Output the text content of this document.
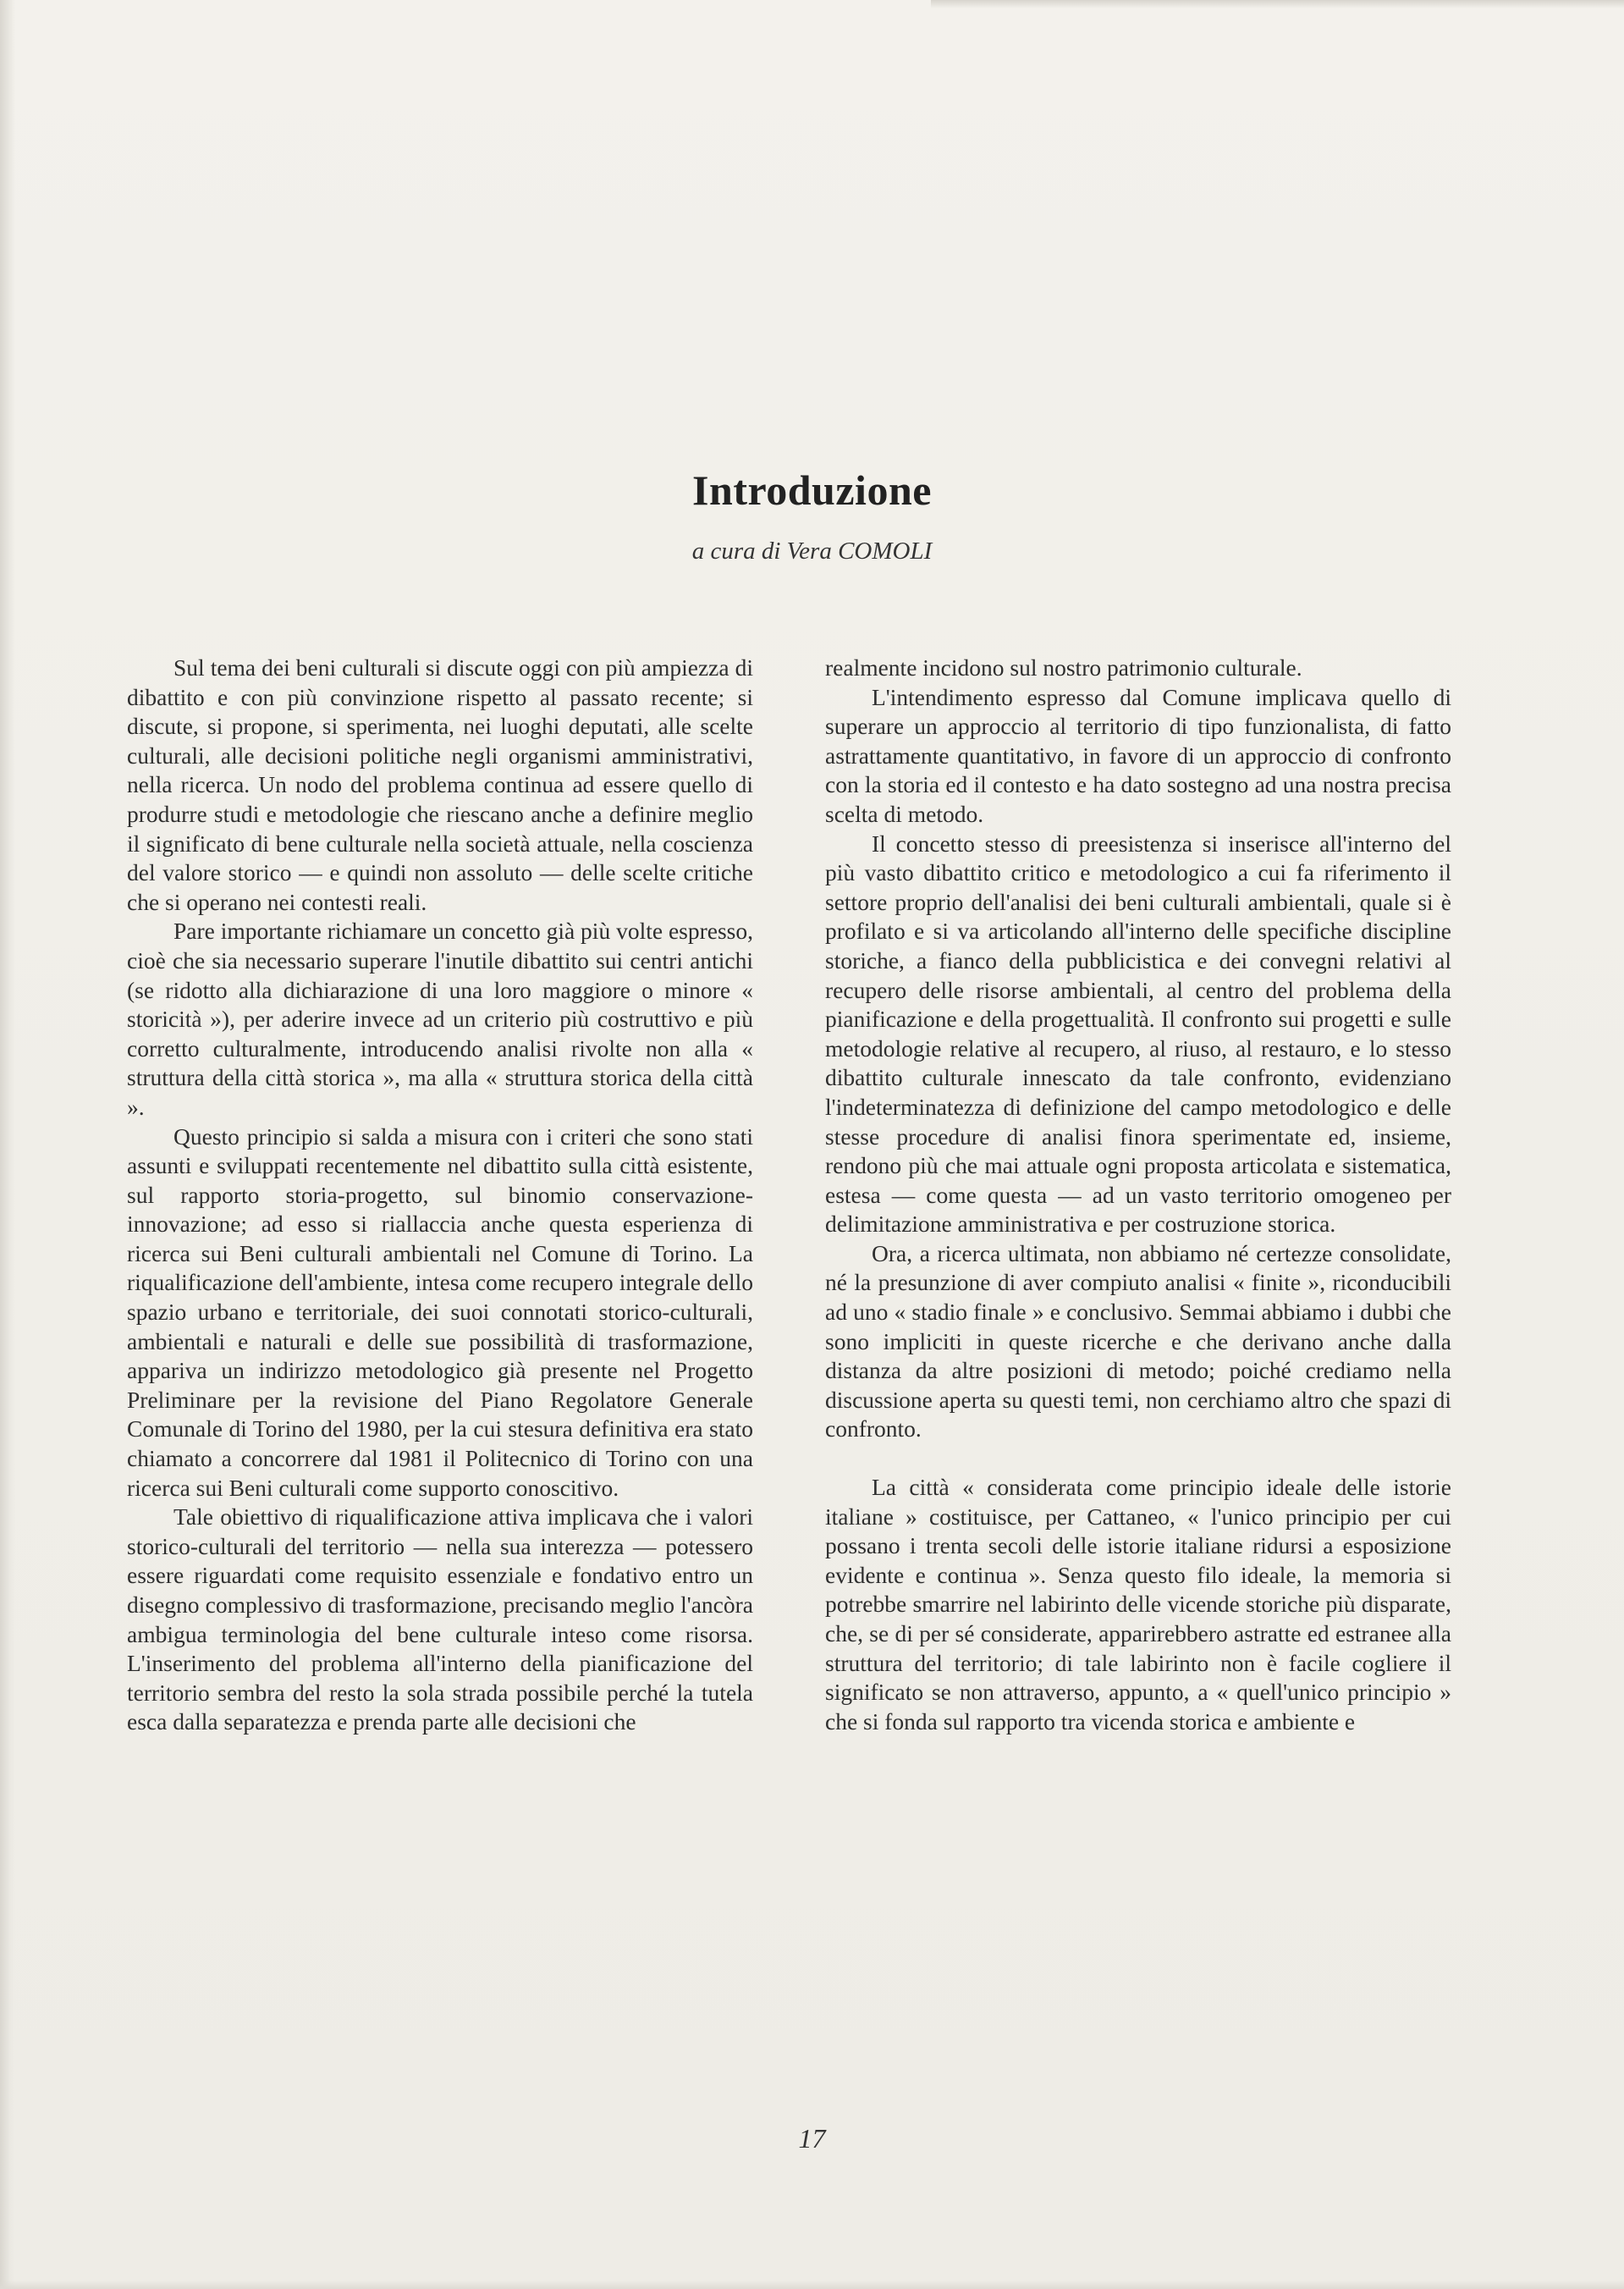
Introduzione
a cura di Vera COMOLI

Sul tema dei beni culturali si discute oggi con più ampiezza di dibattito e con più convinzione rispetto al passato recente; si discute, si propone, si sperimenta, nei luoghi deputati, alle scelte culturali, alle decisioni politiche negli organismi amministrativi, nella ricerca. Un nodo del problema continua ad essere quello di produrre studi e metodologie che riescano anche a definire meglio il significato di bene culturale nella società attuale, nella coscienza del valore storico — e quindi non assoluto — delle scelte critiche che si operano nei contesti reali.

Pare importante richiamare un concetto già più volte espresso, cioè che sia necessario superare l'inutile dibattito sui centri antichi (se ridotto alla dichiarazione di una loro maggiore o minore « storicità »), per aderire invece ad un criterio più costruttivo e più corretto culturalmente, introducendo analisi rivolte non alla « struttura della città storica », ma alla « struttura storica della città ».

Questo principio si salda a misura con i criteri che sono stati assunti e sviluppati recentemente nel dibattito sulla città esistente, sul rapporto storia-progetto, sul binomio conservazione-innovazione; ad esso si riallaccia anche questa esperienza di ricerca sui Beni culturali ambientali nel Comune di Torino. La riqualificazione dell'ambiente, intesa come recupero integrale dello spazio urbano e territoriale, dei suoi connotati storico-culturali, ambientali e naturali e delle sue possibilità di trasformazione, appariva un indirizzo metodologico già presente nel Progetto Preliminare per la revisione del Piano Regolatore Generale Comunale di Torino del 1980, per la cui stesura definitiva era stato chiamato a concorrere dal 1981 il Politecnico di Torino con una ricerca sui Beni culturali come supporto conoscitivo.

Tale obiettivo di riqualificazione attiva implicava che i valori storico-culturali del territorio — nella sua interezza — potessero essere riguardati come requisito essenziale e fondativo entro un disegno complessivo di trasformazione, precisando meglio l'ancòra ambigua terminologia del bene culturale inteso come risorsa. L'inserimento del problema all'interno della pianificazione del territorio sembra del resto la sola strada possibile perché la tutela esca dalla separatezza e prenda parte alle decisioni che

realmente incidono sul nostro patrimonio culturale.

L'intendimento espresso dal Comune implicava quello di superare un approccio al territorio di tipo funzionalista, di fatto astrattamente quantitativo, in favore di un approccio di confronto con la storia ed il contesto e ha dato sostegno ad una nostra precisa scelta di metodo.

Il concetto stesso di preesistenza si inserisce all'interno del più vasto dibattito critico e metodologico a cui fa riferimento il settore proprio dell'analisi dei beni culturali ambientali, quale si è profilato e si va articolando all'interno delle specifiche discipline storiche, a fianco della pubblicistica e dei convegni relativi al recupero delle risorse ambientali, al centro del problema della pianificazione e della progettualità. Il confronto sui progetti e sulle metodologie relative al recupero, al riuso, al restauro, e lo stesso dibattito culturale innescato da tale confronto, evidenziano l'indeterminatezza di definizione del campo metodologico e delle stesse procedure di analisi finora sperimentate ed, insieme, rendono più che mai attuale ogni proposta articolata e sistematica, estesa — come questa — ad un vasto territorio omogeneo per delimitazione amministrativa e per costruzione storica.

Ora, a ricerca ultimata, non abbiamo né certezze consolidate, né la presunzione di aver compiuto analisi « finite », riconducibili ad uno « stadio finale » e conclusivo. Semmai abbiamo i dubbi che sono impliciti in queste ricerche e che derivano anche dalla distanza da altre posizioni di metodo; poiché crediamo nella discussione aperta su questi temi, non cerchiamo altro che spazi di confronto.

La città « considerata come principio ideale delle istorie italiane » costituisce, per Cattaneo, « l'unico principio per cui possano i trenta secoli delle istorie italiane ridursi a esposizione evidente e continua ». Senza questo filo ideale, la memoria si potrebbe smarrire nel labirinto delle vicende storiche più disparate, che, se di per sé considerate, apparirebbero astratte ed estranee alla struttura del territorio; di tale labirinto non è facile cogliere il significato se non attraverso, appunto, a « quell'unico principio » che si fonda sul rapporto tra vicenda storica e ambiente e

17
